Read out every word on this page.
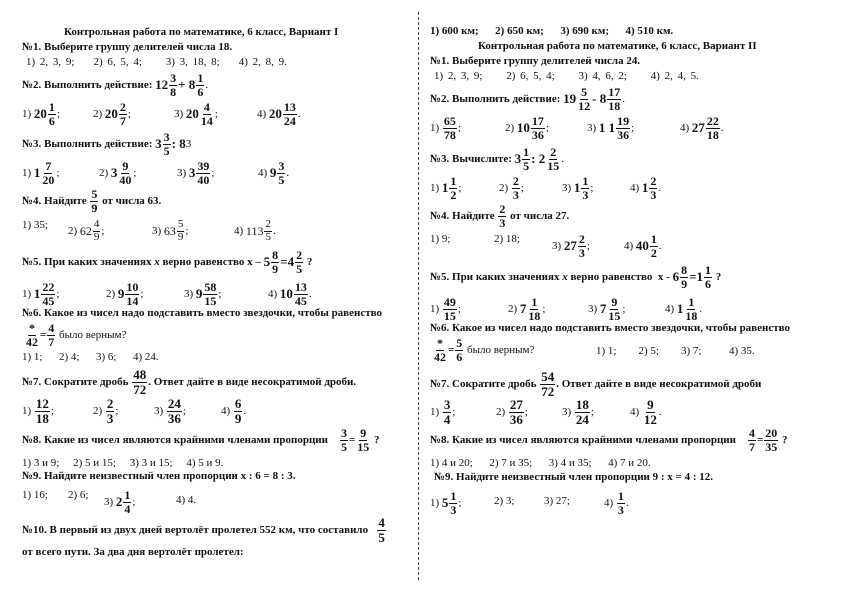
Контрольная работа по математике, 6 класс, Вариант I
№1. Выберите группу делителей числа 18.
1) 2, 3, 9; 2) 6, 5, 4; 3) 3, 18, 8; 4) 2, 8, 9.
№2. Выполнить действие:
$12 \frac{3}{8} + 8 \frac{1}{6}$ .
1)
$20 \frac{1}{6}$ ;	2)
$20 \frac{2}{7}$ ;	3)
$20 \frac{4}{14}$ ;	4)
$20 \frac{13}{24}$ .
№3. Выполнить действие:
$3 \frac{3}{5}$ : 8 3
1)
$1 \frac{7}{20}$ ;	2)
$3 \frac{9}{40}$ ;	3)
$3 \frac{39}{40}$ ;	4)
$9 \frac{3}{5}$ .
№4. Найдите
$\frac{5}{9}$
от числа 63.
1) 35;
2)
$62 \frac{4}{9}$ ;	3)
$63 \frac{5}{9}$ ;	4)
$113 \frac{2}{5}$ .
№5. При каких значениях
x
верно равенство
x –
$5 \frac{8}{9} =4 \frac{2}{5}$
?
1)
$1 \frac{22}{45}$ ;	2)
$9 \frac{10}{14}$ ;	3)
$9 \frac{58}{15}$ ;	4)
$10 \frac{13}{45}$ .
№6. Какое из чисел надо подставить вместо звездочки, чтобы равенство
$\frac{*}{42} = \frac{4}{7}$
было верным?
1) 1; 2) 4; 3) 6; 4) 24.
№7. Сократите дробь
$\frac{48}{72}$ . Ответ дайте в виде несократимой дроби.
1)
$\frac{12}{18}$ ;	2)
$\frac{2}{3}$ ;	3)
$\frac{24}{36}$ ;	4)
$\frac{6}{9}$ .
№8. Какие из чисел являются крайними членами пропорции
$\frac{3}{5} = \frac{9}{15}$
?
1) 3 и 9; 2) 5 и 15; 3) 3 и 15; 4) 5 и 9.
№9. Найдите неизвестный член пропорции х : 6 = 8 : 3.
1) 16; 2) 6;
3)
$2 \frac{1}{4}$ ;	4) 4.
№10. В первый из двух дней вертолёт пролетел 552 км, что составило
$\frac{4}{5}$
от всего пути. За два дня вертолёт пролетел:
1) 600 км; 2) 650 км; 3) 690 км; 4) 510 км.
Контрольная работа по математике, 6 класс, Вариант II
№1. Выберите группу делителей числа 24.
1) 2, 3, 9; 2) 6, 5, 4; 3) 4, 6, 2; 4) 2, 4, 5.
№2. Выполнить действие:
$19 \frac{5}{12} - 8 \frac{17}{18}$ .
1)
$\frac{65}{78}$ ;	2)
$10 \frac{17}{36}$ ;	3)
1 $1 \frac{19}{36}$ ;	4)
$27 \frac{22}{18}$ .
№3. Вычислите:
$3 \frac{1}{5}$ : $2 \frac{2}{15}$ .
1)
$1 \frac{1}{2}$ ;	2)
$\frac{2}{3}$ ;	3)
$1 \frac{1}{3}$ ;	4)
$1 \frac{2}{3}$ .
№4. Найдите
$\frac{2}{3}$
от числа 27.
1) 9;	2) 18;
3)
$27 \frac{2}{3}$ ;	4)
$40 \frac{1}{2}$ .
№5. При каких значениях
x
верно равенство
x -
$6 \frac{8}{9} =1 \frac{1}{6}$
?
1)
$\frac{49}{15}$ ;	2)
$7 \frac{1}{18}$ ;	3)
$7 \frac{9}{15}$ ;	4)
$1 \frac{1}{18}$ .
№6. Какое из чисел надо подставить вместо звездочки, чтобы равенство
$\frac{*}{42} = \frac{5}{6}$
было верным?	1) 1; 2) 5; 3) 7;	4) 35.
№7. Сократите дробь
$\frac{54}{72}$ . Ответ дайте в виде несократимой дроби
1)
$\frac{3}{4}$ ;	2)
$\frac{27}{36}$ ;	3)
$\frac{18}{24}$ ;	4)
$\frac{9}{12}$ .
№8. Какие из чисел являются крайними членами пропорции
$\frac{4}{7} = \frac{20}{35}$
?
1) 4 и 20; 2) 7 и 35; 3) 4 и 35; 4) 7 и 20.
№9. Найдите неизвестный член пропорции 9 : х = 4 : 12.
1)
$5 \frac{1}{3}$ ;	2) 3;	3) 27;	4)
$\frac{1}{3}$ .
